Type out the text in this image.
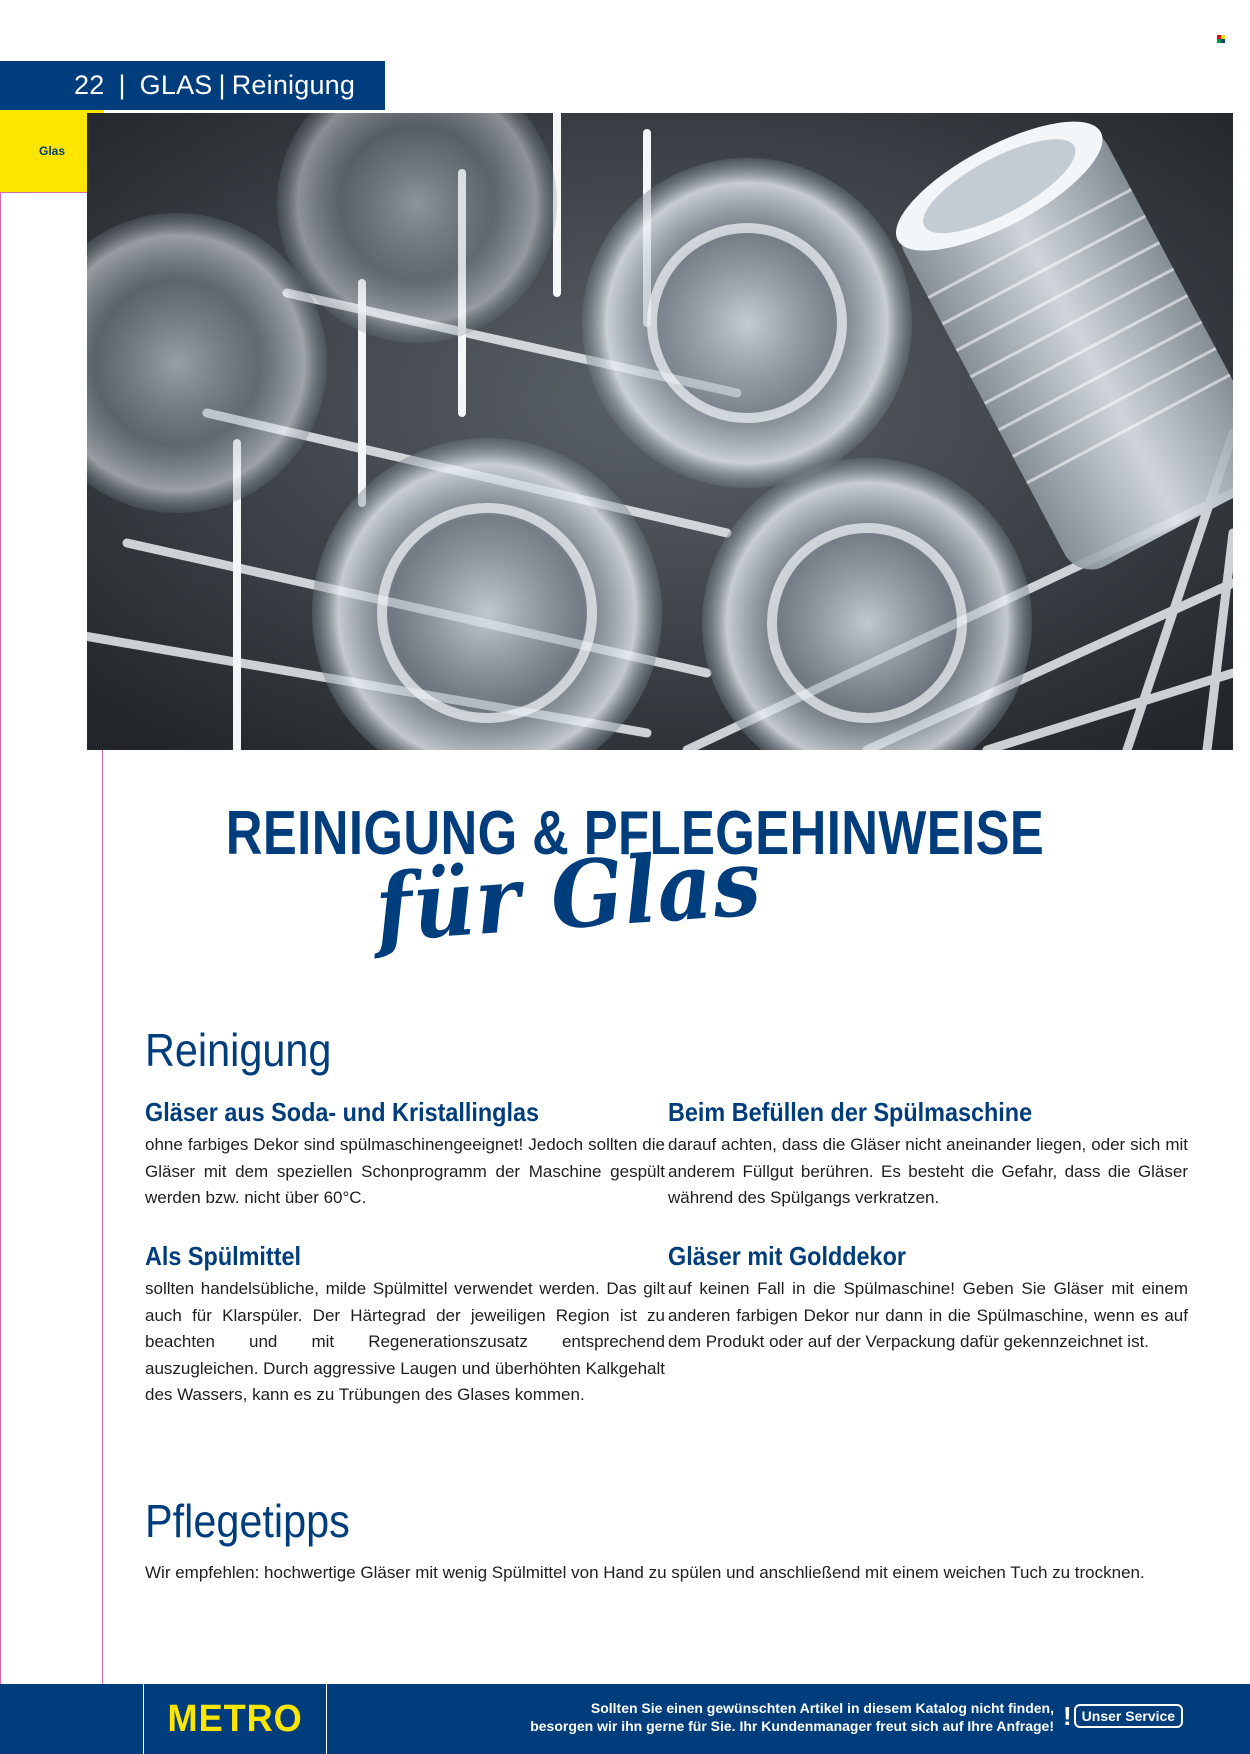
22 | GLAS | Reinigung
Glas
REINIGUNG & PFLEGEHINWEISE
für Glas
Reinigung
Gläser aus Soda- und Kristallinglas

ohne farbiges Dekor sind spülmaschinengeeignet! Jedoch sollten die Gläser mit dem speziellen Schonprogramm der Maschine gespült werden bzw. nicht über 60°C.

Beim Befüllen der Spülmaschine

darauf achten, dass die Gläser nicht aneinander liegen, oder sich mit anderem Füllgut berühren. Es besteht die Gefahr, dass die Gläser während des Spülgangs verkratzen.

Als Spülmittel

sollten handelsübliche, milde Spülmittel verwendet werden. Das gilt auch für Klarspüler. Der Härtegrad der jeweiligen Region ist zu beachten und mit Regenerationszusatz entsprechend auszugleichen. Durch aggressive Laugen und überhöhten Kalkgehalt des Wassers, kann es zu Trübungen des Glases kommen.

Gläser mit Golddekor

auf keinen Fall in die Spülmaschine! Geben Sie Gläser mit einem anderen farbigen Dekor nur dann in die Spülmaschine, wenn es auf dem Produkt oder auf der Verpackung dafür gekennzeichnet ist.

Pflegetipps
Wir empfehlen: hochwertige Gläser mit wenig Spülmittel von Hand zu spülen und anschließend mit einem weichen Tuch zu trocknen.
METRO	Sollten Sie einen gewünschten Artikel in diesem Katalog nicht finden,
besorgen wir ihn gerne für Sie. Ihr Kundenmanager freut sich auf Ihre Anfrage! ! Unser Service
